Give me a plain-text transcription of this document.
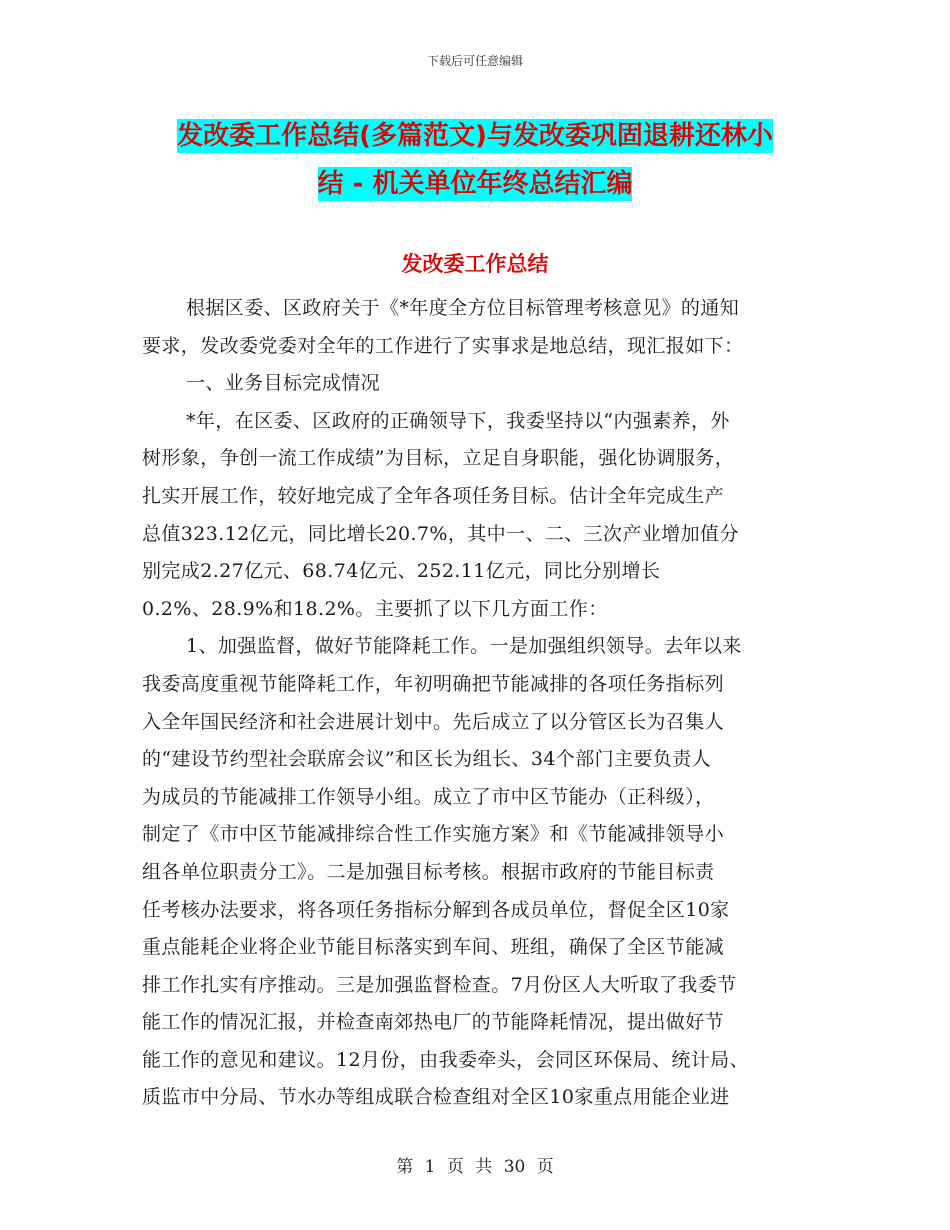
下载后可任意编辑
发改委工作总结(多篇范文)与发改委巩固退耕还林小
结 - 机关单位年终总结汇编
发改委工作总结
根据区委、区政府关于《*年度全方位目标管理考核意见》的通知
要求，发改委党委对全年的工作进行了实事求是地总结，现汇报如下：
一、业务目标完成情况
*年，在区委、区政府的正确领导下，我委坚持以“内强素养，外
树形象，争创一流工作成绩”为目标，立足自身职能，强化协调服务，
扎实开展工作，较好地完成了全年各项任务目标。估计全年完成生产
总值323.12亿元，同比增长20.7%，其中一、二、三次产业增加值分
别完成2.27亿元、68.74亿元、252.11亿元，同比分别增长
0.2%、28.9%和18.2%。主要抓了以下几方面工作：
1、加强监督，做好节能降耗工作。一是加强组织领导。去年以来
我委高度重视节能降耗工作，年初明确把节能减排的各项任务指标列
入全年国民经济和社会进展计划中。先后成立了以分管区长为召集人
的“建设节约型社会联席会议”和区长为组长、34个部门主要负责人
为成员的节能减排工作领导小组。成立了市中区节能办（正科级），
制定了《市中区节能减排综合性工作实施方案》和《节能减排领导小
组各单位职责分工》。二是加强目标考核。根据市政府的节能目标责
任考核办法要求，将各项任务指标分解到各成员单位，督促全区10家
重点能耗企业将企业节能目标落实到车间、班组，确保了全区节能减
排工作扎实有序推动。三是加强监督检查。7月份区人大听取了我委节
能工作的情况汇报，并检查南郊热电厂的节能降耗情况，提出做好节
能工作的意见和建议。12月份，由我委牵头，会同区环保局、统计局、
质监市中分局、节水办等组成联合检查组对全区10家重点用能企业进
第 1 页 共 30 页
